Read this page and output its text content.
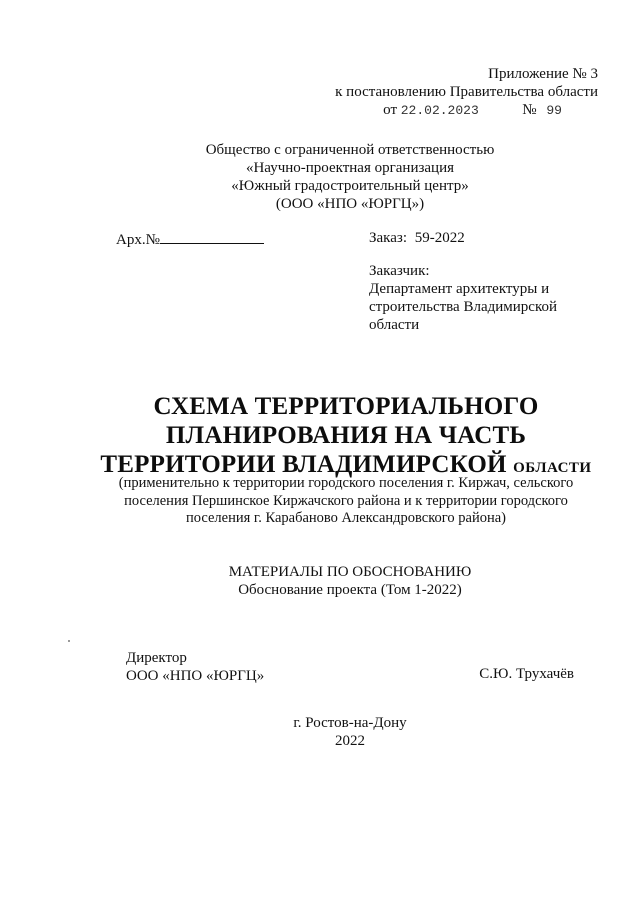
Приложение № 3
к постановлению Правительства области
от 22.02.2023	№ 99
Общество с ограниченной ответственностью
«Научно-проектная организация
«Южный градостроительный центр»
(ООО «НПО «ЮРГЦ»)
Арх.№	Заказ: 59-2022
Заказчик:
Департамент архитектуры и
строительства Владимирской
области
СХЕМА ТЕРРИТОРИАЛЬНОГО
ПЛАНИРОВАНИЯ НА ЧАСТЬ
ТЕРРИТОРИИ ВЛАДИМИРСКОЙ ОБЛАСТИ
(применительно к территории городского поселения г. Киржач, сельского
поселения Першинское Киржачского района и к территории городского
поселения г. Карабаново Александровского района)
МАТЕРИАЛЫ ПО ОБОСНОВАНИЮ
Обоснование проекта (Том 1-2022)
Директор
ООО «НПО «ЮРГЦ»	С.Ю. Трухачёв
г. Ростов-на-Дону
2022
